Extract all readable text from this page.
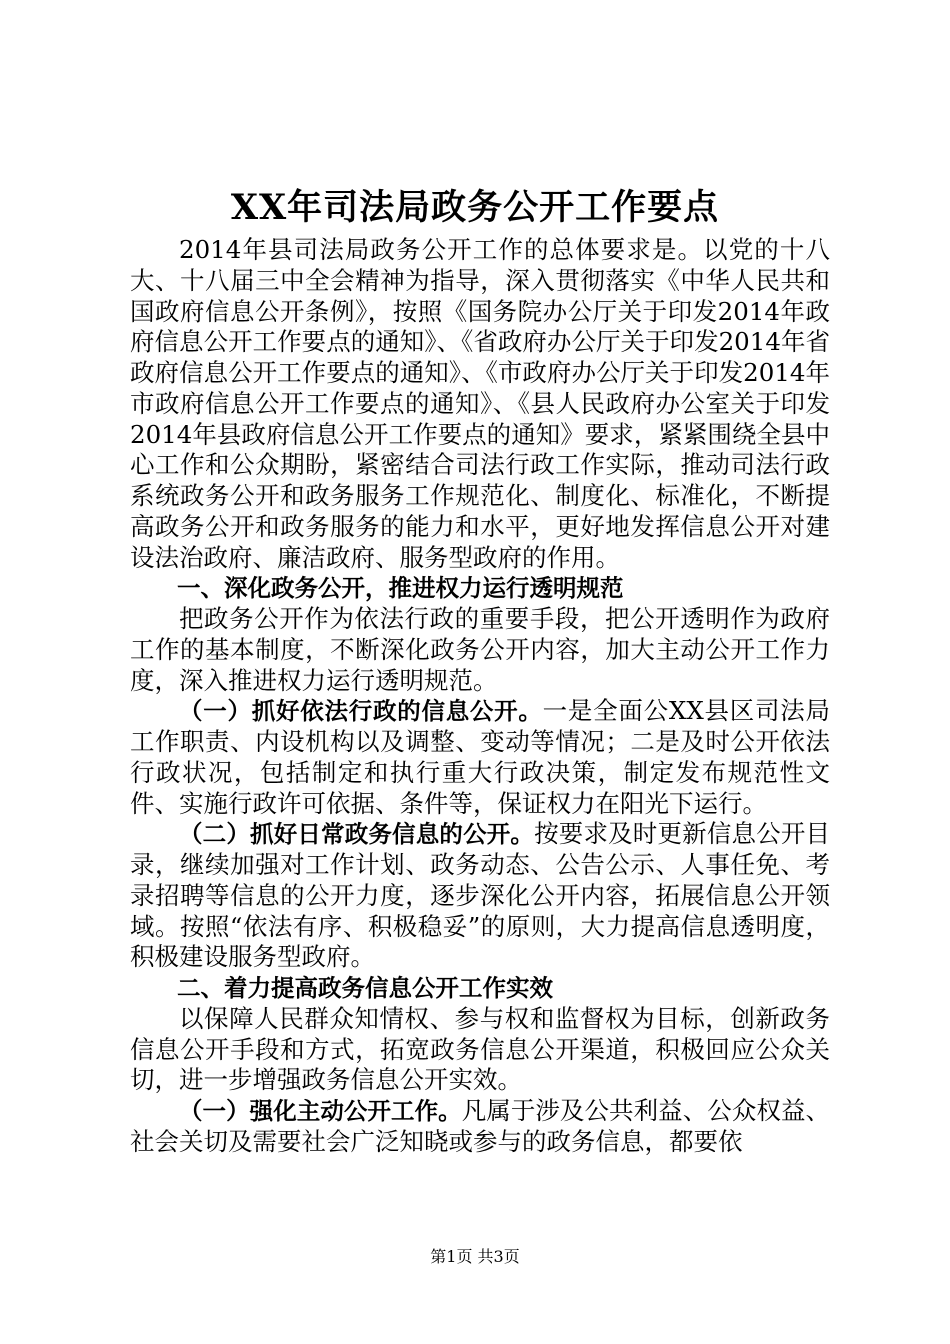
XX年司法局政务公开工作要点

2014年县司法局政务公开工作的总体要求是。以党的十八大、十八届三中全会精神为指导，深入贯彻落实《中华人民共和国政府信息公开条例》，按照《国务院办公厅关于印发2014年政府信息公开工作要点的通知》、《省政府办公厅关于印发2014年省政府信息公开工作要点的通知》、《市政府办公厅关于印发2014年市政府信息公开工作要点的通知》、《县人民政府办公室关于印发2014年县政府信息公开工作要点的通知》要求，紧紧围绕全县中心工作和公众期盼，紧密结合司法行政工作实际，推动司法行政系统政务公开和政务服务工作规范化、制度化、标准化，不断提高政务公开和政务服务的能力和水平，更好地发挥信息公开对建设法治政府、廉洁政府、服务型政府的作用。

一、深化政务公开，推进权力运行透明规范

把政务公开作为依法行政的重要手段，把公开透明作为政府工作的基本制度，不断深化政务公开内容，加大主动公开工作力度，深入推进权力运行透明规范。

（一）抓好依法行政的信息公开。一是全面公XX县区司法局工作职责、内设机构以及调整、变动等情况；二是及时公开依法行政状况，包括制定和执行重大行政决策，制定发布规范性文件、实施行政许可依据、条件等，保证权力在阳光下运行。

（二）抓好日常政务信息的公开。按要求及时更新信息公开目录，继续加强对工作计划、政务动态、公告公示、人事任免、考录招聘等信息的公开力度，逐步深化公开内容，拓展信息公开领域。按照“依法有序、积极稳妥”的原则，大力提高信息透明度，积极建设服务型政府。

二、着力提高政务信息公开工作实效

以保障人民群众知情权、参与权和监督权为目标，创新政务信息公开手段和方式，拓宽政务信息公开渠道，积极回应公众关切，进一步增强政务信息公开实效。

（一）强化主动公开工作。凡属于涉及公共利益、公众权益、社会关切及需要社会广泛知晓或参与的政务信息，都要依

第1页 共3页
